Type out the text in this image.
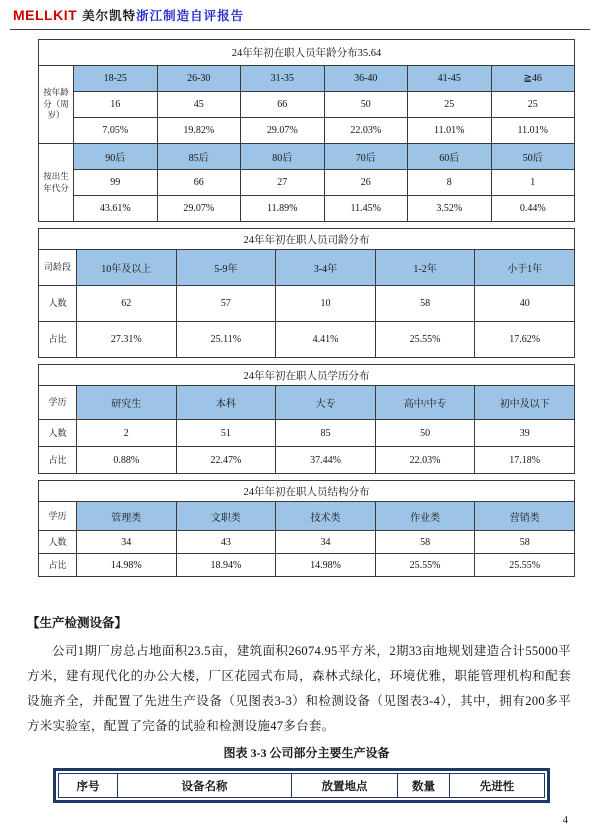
MELLKIT 美尔凯特浙江制造自评报告
24年年初在职人员年龄分布35.64						
按年龄分（周岁）	18-25	26-30	31-35	36-40	41-45	≧46
	16	45	66	50	25	25
	7.05%	19.82%	29.07%	22.03%	11.01%	11.01%
按出生年代分	90后	85后	80后	70后	60后	50后
	99	66	27	26	8	1
	43.61%	29.07%	11.89%	11.45%	3.52%	0.44%
24年年初在职人员司龄分布					
司龄段	10年及以上	5-9年	3-4年	1-2年	小于1年
人数	62	57	10	58	40
占比	27.31%	25.11%	4.41%	25.55%	17.62%
24年年初在职人员学历分布					
学历	研究生	本科	大专	高中/中专	初中及以下
人数	2	51	85	50	39
占比	0.88%	22.47%	37.44%	22.03%	17.18%
24年年初在职人员结构分布					
学历	管理类	文职类	技术类	作业类	营销类
人数	34	43	34	58	58
占比	14.98%	18.94%	14.98%	25.55%	25.55%
【生产检测设备】

公司1期厂房总占地面积23.5亩，建筑面积26074.95平方米，2期33亩地规划建造合计55000平方米，建有现代化的办公大楼，厂区花园式布局，森林式绿化，环境优雅，职能管理机构和配套设施齐全，并配置了先进生产设备（见图表3-3）和检测设备（见图表3-4），其中，拥有200多平方米实验室，配置了完备的试验和检测设施47多台套。

图表 3-3 公司部分主要生产设备
序号	设备名称	放置地点	数量	先进性
4
